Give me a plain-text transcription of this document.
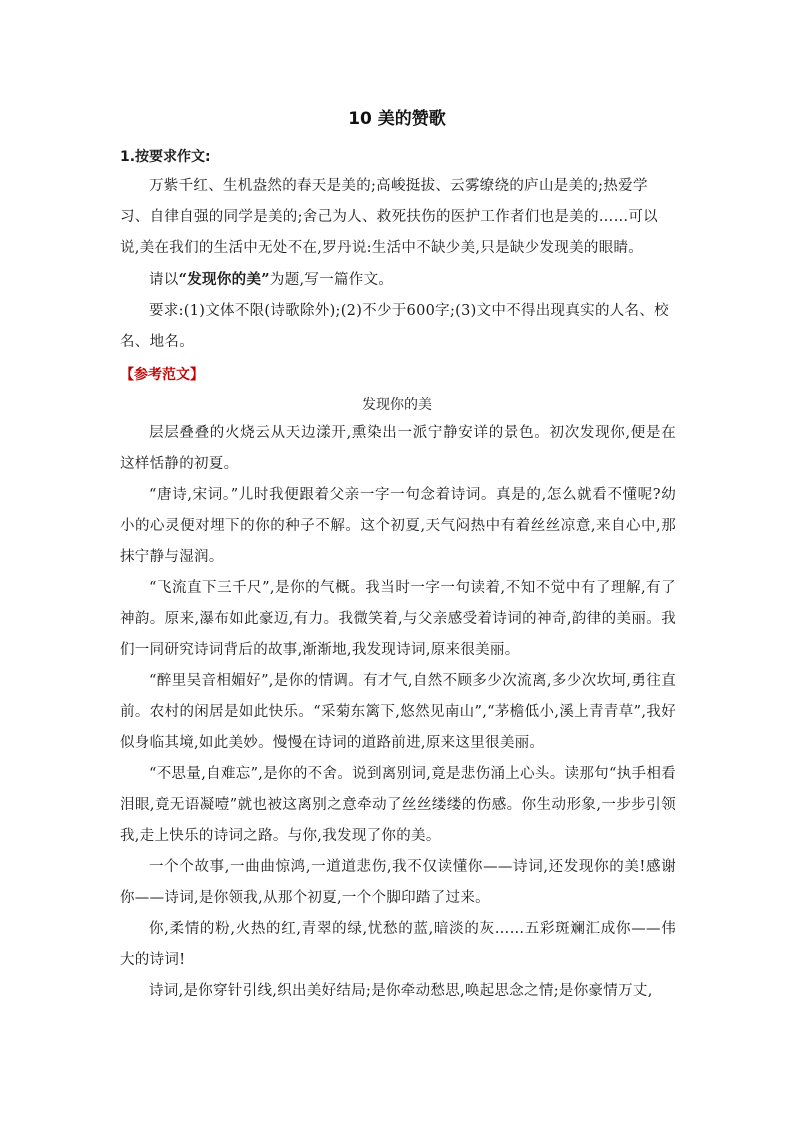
10 美的赞歌
1.按要求作文:

万紫千红、生机盎然的春天是美的;高峻挺拔、云雾缭绕的庐山是美的;热爱学习、自律自强的同学是美的;舍己为人、救死扶伤的医护工作者们也是美的……可以说,美在我们的生活中无处不在,罗丹说:生活中不缺少美,只是缺少发现美的眼睛。

请以“发现你的美”为题,写一篇作文。

要求:(1)文体不限(诗歌除外);(2)不少于600字;(3)文中不得出现真实的人名、校名、地名。

【参考范文】
发现你的美

层层叠叠的火烧云从天边漾开,熏染出一派宁静安详的景色。初次发现你,便是在这样恬静的初夏。

“唐诗,宋词。”儿时我便跟着父亲一字一句念着诗词。真是的,怎么就看不懂呢?幼小的心灵便对埋下的你的种子不解。这个初夏,天气闷热中有着丝丝凉意,来自心中,那抹宁静与湿润。

“飞流直下三千尺”,是你的气概。我当时一字一句读着,不知不觉中有了理解,有了神韵。原来,瀑布如此豪迈,有力。我微笑着,与父亲感受着诗词的神奇,韵律的美丽。我们一同研究诗词背后的故事,渐渐地,我发现诗词,原来很美丽。

“醉里吴音相媚好”,是你的情调。有才气,自然不顾多少次流离,多少次坎坷,勇往直前。农村的闲居是如此快乐。“采菊东篱下,悠然见南山”,“茅檐低小,溪上青青草”,我好似身临其境,如此美妙。慢慢在诗词的道路前进,原来这里很美丽。

“不思量,自难忘”,是你的不舍。说到离别词,竟是悲伤涌上心头。读那句“执手相看泪眼,竟无语凝噎”就也被这离别之意牵动了丝丝缕缕的伤感。你生动形象,一步步引领我,走上快乐的诗词之路。与你,我发现了你的美。

一个个故事,一曲曲惊鸿,一道道悲伤,我不仅读懂你——诗词,还发现你的美!感谢你——诗词,是你领我,从那个初夏,一个个脚印踏了过来。

你,柔情的粉,火热的红,青翠的绿,忧愁的蓝,暗淡的灰……五彩斑斓汇成你——伟大的诗词!

诗词,是你穿针引线,织出美好结局;是你牵动愁思,唤起思念之情;是你豪情万丈,
